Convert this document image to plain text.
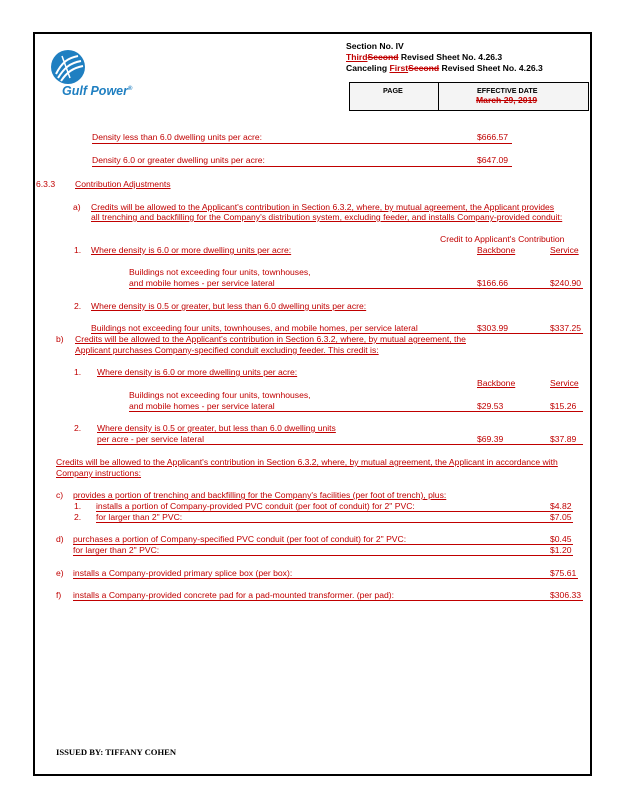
Gulf Power®
Section No. IV
ThirdSecond Revised Sheet No. 4.26.3
Canceling FirstSecond Revised Sheet No. 4.26.3
PAGE	EFFECTIVE DATE
March 29, 2019
Density less than 6.0 dwelling units per acre:	$666.57
Density 6.0 or greater dwelling units per acre:	$647.09
6.3.3 Contribution Adjustments
a) Credits will be allowed to the Applicant's contribution in Section 6.3.2, where, by mutual agreement, the Applicant provides
all trenching and backfilling for the Company's distribution system, excluding feeder, and installs Company-provided conduit:
Credit to Applicant's Contribution
Backbone	Service
1. Where density is 6.0 or more dwelling units per acre:
Buildings not exceeding four units, townhouses,
and mobile homes - per service lateral	$166.66	$240.90
2. Where density is 0.5 or greater, but less than 6.0 dwelling units per acre:
Buildings not exceeding four units, townhouses, and mobile homes, per service lateral	$303.99	$337.25
b) Credits will be allowed to the Applicant's contribution in Section 6.3.2, where, by mutual agreement, the
Applicant purchases Company-specified conduit excluding feeder. This credit is:
1. Where density is 6.0 or more dwelling units per acre:
Backbone	Service
Buildings not exceeding four units, townhouses,
and mobile homes - per service lateral	$29.53	$15.26
2. Where density is 0.5 or greater, but less than 6.0 dwelling units
per acre - per service lateral	$69.39	$37.89
Credits will be allowed to the Applicant's contribution in Section 6.3.2, where, by mutual agreement, the Applicant in accordance with
Company instructions:
c) provides a portion of trenching and backfilling for the Company's facilities (per foot of trench), plus:
1. installs a portion of Company-provided PVC conduit (per foot of conduit) for 2" PVC:	$4.82
2. for larger than 2" PVC:	$7.05
d) purchases a portion of Company-specified PVC conduit (per foot of conduit) for 2" PVC:	$0.45
for larger than 2" PVC:	$1.20
e) installs a Company-provided primary splice box (per box):	$75.61
f) installs a Company-provided concrete pad for a pad-mounted transformer. (per pad):	$306.33
ISSUED BY: TIFFANY COHEN
